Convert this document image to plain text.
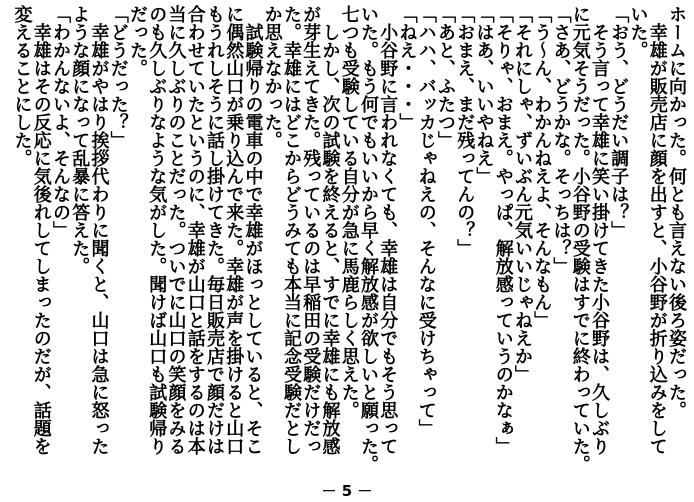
ホームに向かった。何とも言えない後ろ姿だった。
幸雄が販売店に顔を出すと、小谷野が折り込みをして
いた。
「おう、どうだい調子は？」
そう言って幸雄に笑い掛けてきた小谷野は、久しぶり
に元気そうだった。小谷野の受験はすでに終わっていた。
「さあ、どうかな。そっちは？」
「う～ん、わかんねえよ、そんなもん」
「それにしゃ、ずいぶん元気いいじゃねえか」
「そりゃ、おまえ。やっぱ、解放感っていうのかなぁ」
「はあ、いいやねえ」
「おまえ、まだ残ってんの？」
「あと、ふたつ」
「ハハ、バッカじゃねえの、そんなに受けちゃって」
「ねえ・・・」
小谷野に言われなくても、幸雄は自分でもそう思って
いた。もう何でもいいから早く解放感が欲しいと願った。
七つも受験している自分が急に馬鹿らしく思えた。
しかし、次の試験を終えると、すでに幸雄にも解放感
が芽生えてきた。残っているのは早稲田の受験だけだっ
た。幸雄にはどこからどうみても本当に記念受験だとし
か思えなかった。
試験帰りの電車の中で幸雄がほっとしていると、そこ
に偶然山口が乗り込んで来た。幸雄が声を掛けると山口
もうれしそうに話し掛けてきた。毎日販売店で顔だけは
合わせていたというのに、幸雄が山口と話をするのは本
当に久しぶりのことだった。ついでに山口の笑顔をみる
のも久しぶりなような気がした。聞けば山口も試験帰り
だった。
「どうだった？」
幸雄がやはり挨拶代わりに聞くと、山口は急に怒った
ような顔になって乱暴に答えた。
「わかんないよ、そんなの」
幸雄はその反応に気後れしてしまったのだが、話題を
変えることにした。
－ 5 －
